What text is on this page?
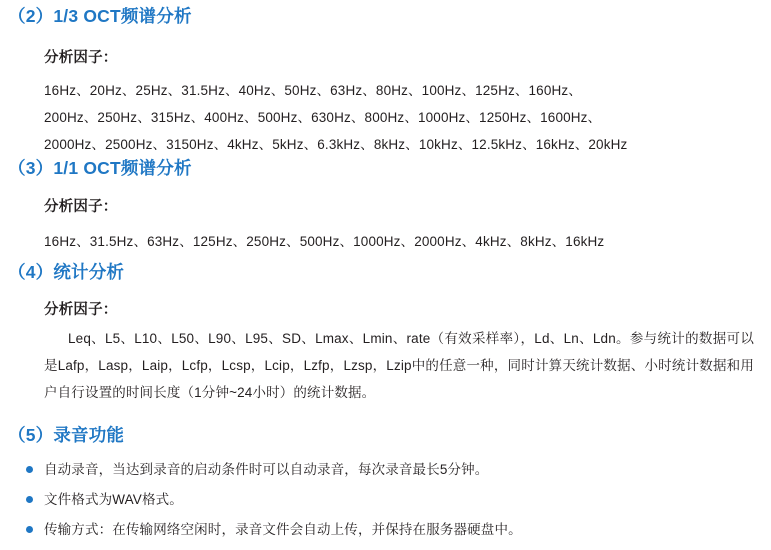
（2）1/3 OCT频谱分析
分析因子：
16Hz、20Hz、25Hz、31.5Hz、40Hz、50Hz、63Hz、80Hz、100Hz、125Hz、160Hz、
200Hz、250Hz、315Hz、400Hz、500Hz、630Hz、800Hz、1000Hz、1250Hz、1600Hz、
2000Hz、2500Hz、3150Hz、4kHz、5kHz、6.3kHz、8kHz、10kHz、12.5kHz、16kHz、20kHz
（3）1/1 OCT频谱分析
分析因子：
16Hz、31.5Hz、63Hz、125Hz、250Hz、500Hz、1000Hz、2000Hz、4kHz、8kHz、16kHz
（4）统计分析
分析因子：
Leq、L5、L10、L50、L90、L95、SD、Lmax、Lmin、rate（有效采样率），Ld、Ln、Ldn。参与统计的数据可以是Lafp，Lasp，Laip，Lcfp，Lcsp，Lcip，Lzfp，Lzsp，Lzip中的任意一种，同时计算天统计数据、小时统计数据和用户自行设置的时间长度（1分钟~24小时）的统计数据。
（5）录音功能
自动录音，当达到录音的启动条件时可以自动录音，每次录音最长5分钟。
文件格式为WAV格式。
传输方式：在传输网络空闲时，录音文件会自动上传，并保持在服务器硬盘中。
